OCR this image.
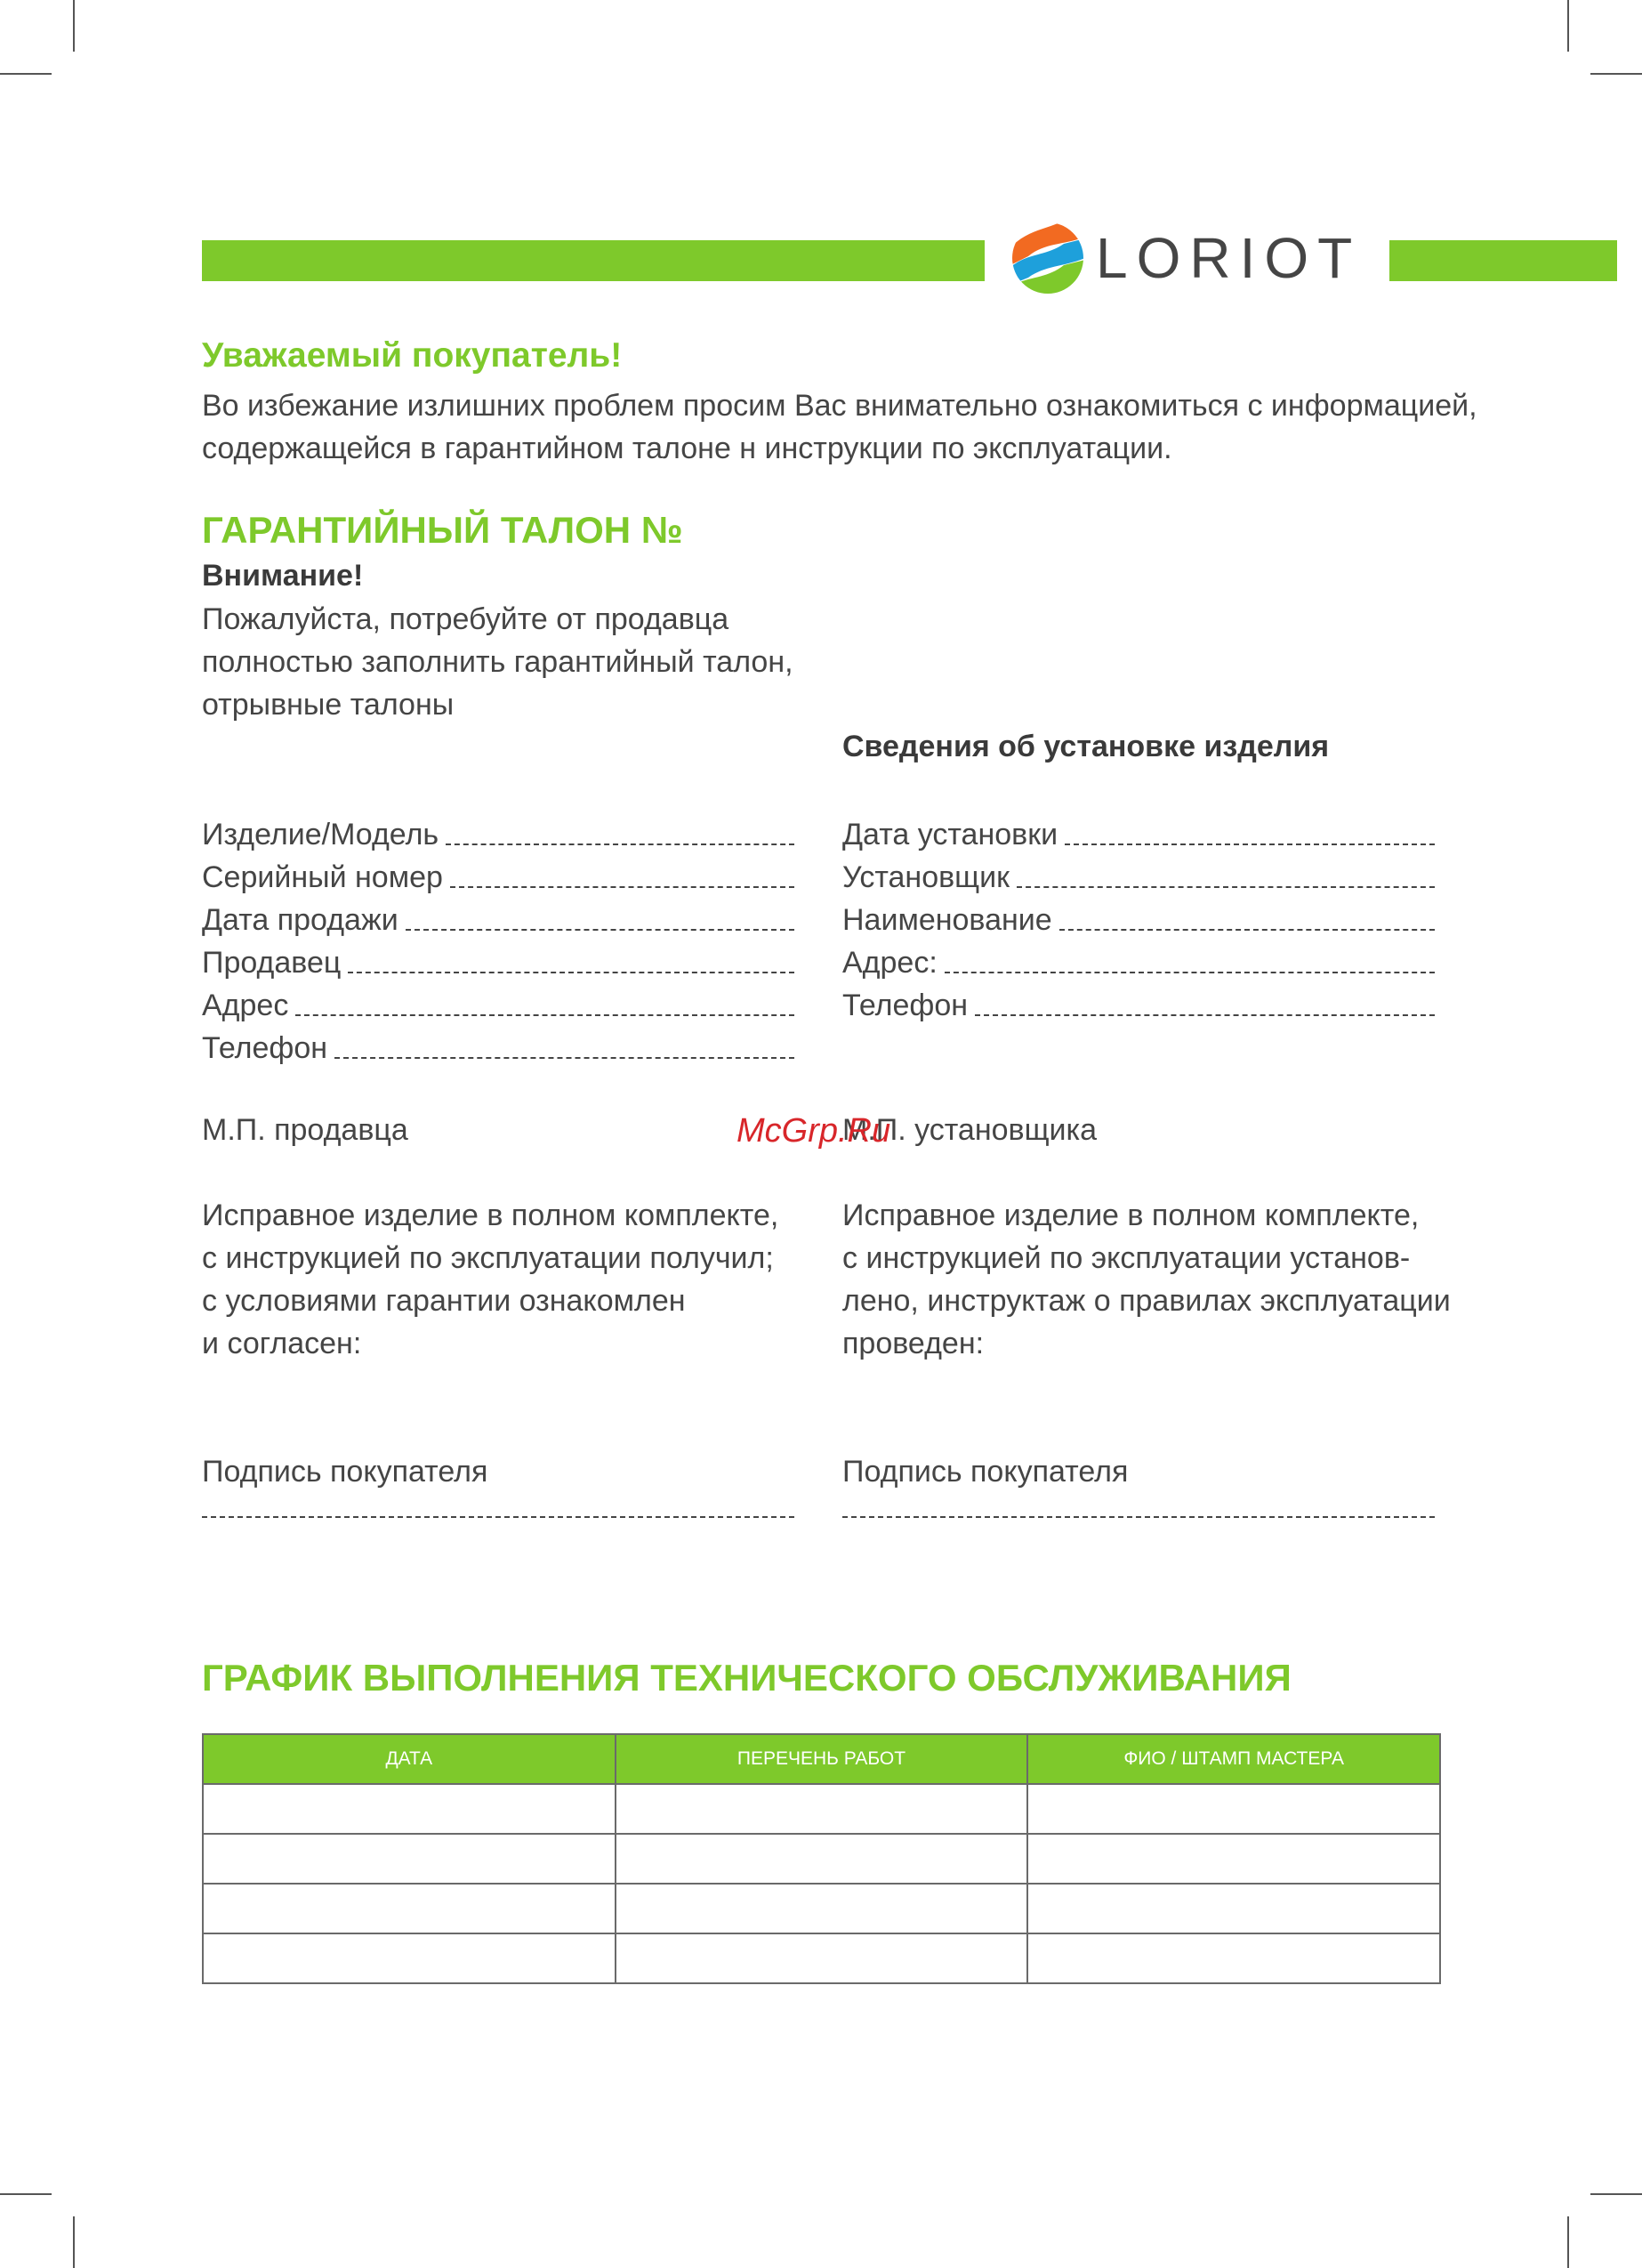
LORIOT
Уважаемый покупатель!
Во избежание излишних проблем просим Вас внимательно ознакомиться с информацией,
содержащейся в гарантийном талоне н инструкции по эксплуатации.
ГАРАНТИЙНЫЙ ТАЛОН №
Внимание!
Пожалуйста, потребуйте от продавца
полностью заполнить гарантийный талон,
отрывные талоны
Сведения об установке изделия
Изделие/Модель
Серийный номер
Дата продажи
Продавец
Адрес
Телефон
Дата установки
Установщик
Наименование
Адрес:
Телефон
М.П. продавца	М.П. установщика
McGrp.Ru
Исправное изделие в полном комплекте,
с инструкцией по эксплуатации получил;
с условиями гарантии ознакомлен
и согласен:
Исправное изделие в полном комплекте,
с инструкцией по эксплуатации установ-
лено, инструктаж о правилах эксплуатации
проведен:
Подпись покупателя	Подпись покупателя
ГРАФИК ВЫПОЛНЕНИЯ ТЕХНИЧЕСКОГО ОБСЛУЖИВАНИЯ
ДАТА	ПЕРЕЧЕНЬ РАБОТ	ФИО / ШТАМП МАСТЕРА
